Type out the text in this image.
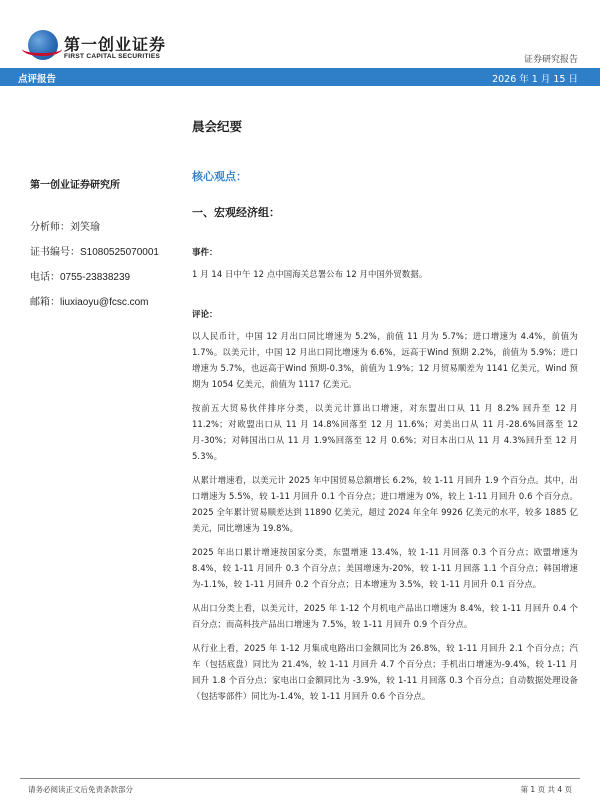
第一创业证券
FIRST CAPITAL SECURITIES	证券研究报告
点评报告	2026 年 1 月 15 日
第一创业证券研究所
分析师：刘笑瑜
证书编号：S1080525070001
电话：0755-23838239
邮箱：liuxiaoyu@fcsc.com
晨会纪要
核心观点：
一、宏观经济组：
事件：
1 月 14 日中午 12 点中国海关总署公布 12 月中国外贸数据。
评论：
以人民币计，中国 12 月出口同比增速为 5.2%，前值 11 月为 5.7%；进口增速为 4.4%，前值为 1.7%。以美元计，中国 12 月出口同比增速为 6.6%，远高于Wind 预期 2.2%，前值为 5.9%；进口增速为 5.7%，也远高于Wind 预期-0.3%，前值为 1.9%；12 月贸易顺差为 1141 亿美元，Wind 预期为 1054 亿美元，前值为 1117 亿美元。
按前五大贸易伙伴排序分类，以美元计算出口增速，对东盟出口从 11 月 8.2% 回升至 12 月 11.2%；对欧盟出口从 11 月 14.8%回落至 12 月 11.6%；对美出口从 11 月-28.6%回落至 12 月-30%；对韩国出口从 11 月 1.9%回落至 12 月 0.6%；对日本出口从 11 月 4.3%回升至 12 月 5.3%。
从累计增速看，以美元计 2025 年中国贸易总额增长 6.2%，较 1-11 月回升 1.9 个百分点。其中，出口增速为 5.5%，较 1-11 月回升 0.1 个百分点；进口增速为 0%，较上 1-11 月回升 0.6 个百分点。2025 全年累计贸易顺差达到 11890 亿美元，超过 2024 年全年 9926 亿美元的水平，较多 1885 亿美元，同比增速为 19.8%。
2025 年出口累计增速按国家分类，东盟增速 13.4%，较 1-11 月回落 0.3 个百分点；欧盟增速为 8.4%，较 1-11 月回升 0.3 个百分点；美国增速为-20%，较 1-11 月回落 1.1 个百分点；韩国增速为-1.1%，较 1-11 月回升 0.2 个百分点；日本增速为 3.5%，较 1-11 月回升 0.1 百分点。
从出口分类上看，以美元计，2025 年 1-12 个月机电产品出口增速为 8.4%，较 1-11 月回升 0.4 个百分点；而高科技产品出口增速为 7.5%，较 1-11 月回升 0.9 个百分点。
从行业上看，2025 年 1-12 月集成电路出口金额同比为 26.8%，较 1-11 月回升 2.1 个百分点；汽车（包括底盘）同比为 21.4%，较 1-11 月回升 4.7 个百分点；手机出口增速为-9.4%，较 1-11 月回升 1.8 个百分点；家电出口金额同比为 -3.9%，较 1-11 月回落 0.3 个百分点；自动数据处理设备（包括零部件）同比为-1.4%，较 1-11 月回升 0.6 个百分点。
请务必阅读正文后免责条款部分	第 1 页 共 4 页
